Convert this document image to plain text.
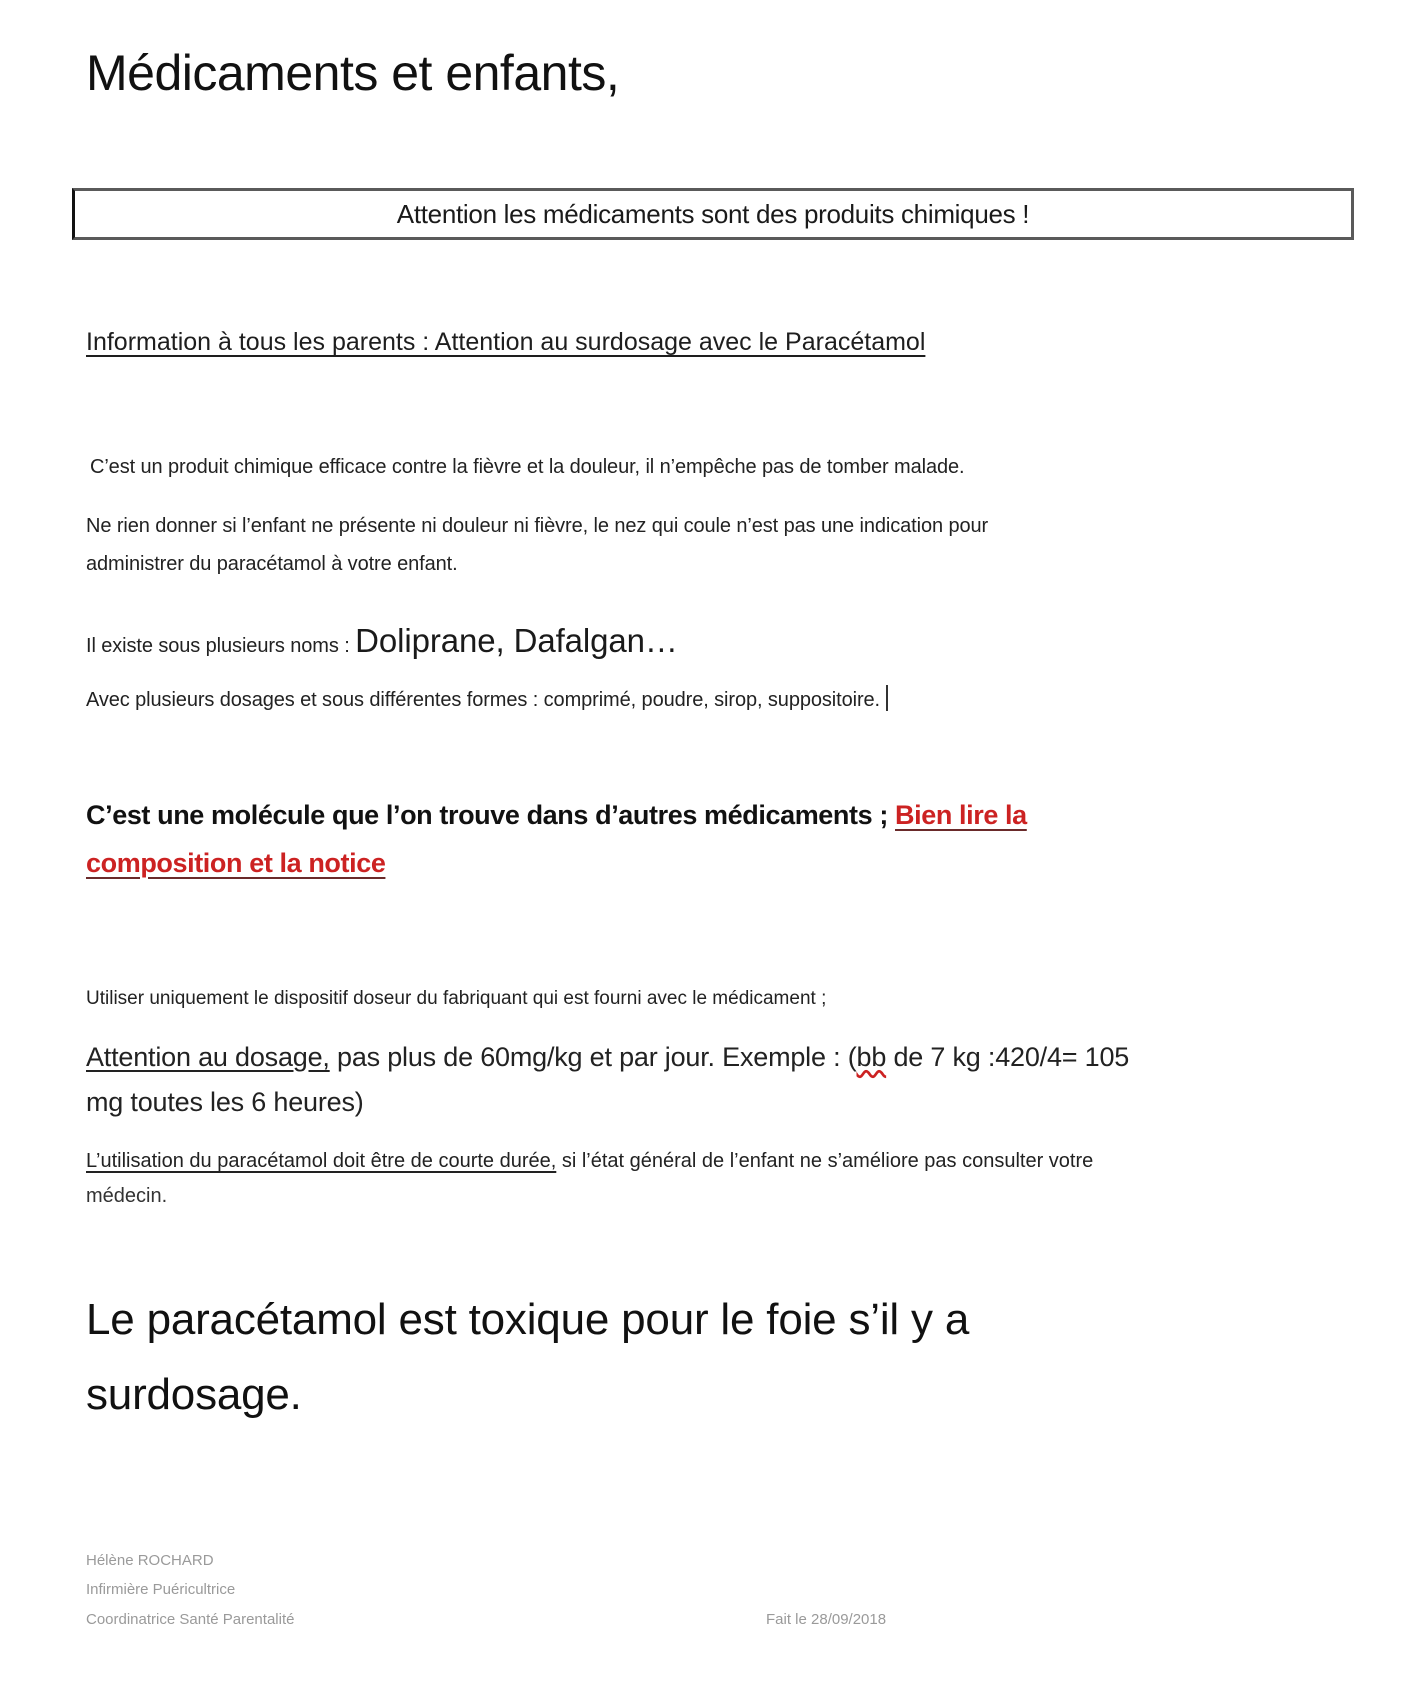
Médicaments et enfants,
Attention les médicaments sont des produits chimiques !
Information à tous les parents : Attention au surdosage avec le Paracétamol
C’est un produit chimique efficace contre la fièvre et la douleur, il n’empêche pas de tomber malade.
Ne rien donner si l’enfant ne présente ni douleur ni fièvre, le nez qui coule n’est pas une indication pour
administrer du paracétamol à votre enfant.
Il existe sous plusieurs noms : Doliprane, Dafalgan…
Avec plusieurs dosages et sous différentes formes : comprimé, poudre, sirop, suppositoire.
C’est une molécule que l’on trouve dans d’autres médicaments ; Bien lire la
composition et la notice
Utiliser uniquement le dispositif doseur du fabriquant qui est fourni avec le médicament ;
Attention au dosage, pas plus de 60mg/kg et par jour. Exemple : (bb de 7 kg :420/4= 105
mg toutes les 6 heures)
L’utilisation du paracétamol doit être de courte durée, si l’état général de l’enfant ne s’améliore pas consulter votre
médecin.
Le paracétamol est toxique pour le foie s’il y a
surdosage.
Hélène ROCHARD
Infirmière Puéricultrice
Coordinatrice Santé Parentalité	Fait le 28/09/2018
